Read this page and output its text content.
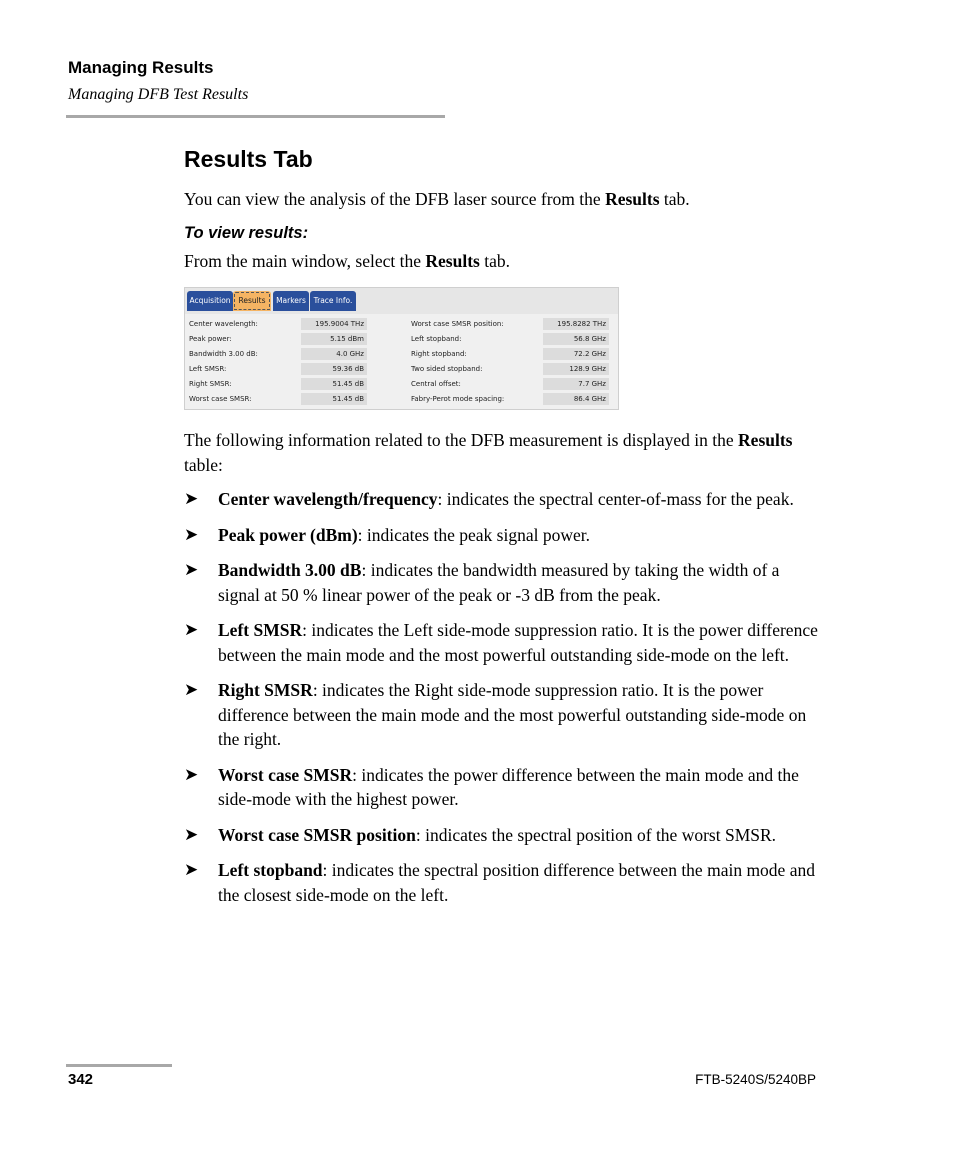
Managing Results
Managing DFB Test Results
Results Tab

You can view the analysis of the DFB laser source from the Results tab.

To view results:

From the main window, select the Results tab.

Acquisition	Results	Markers	Trace Info.
Center wavelength:	195.9004 THz
Peak power:	5.15 dBm
Bandwidth 3.00 dB:	4.0 GHz
Left SMSR:	59.36 dB
Right SMSR:	51.45 dB
Worst case SMSR:	51.45 dB
Worst case SMSR position:	195.8282 THz
Left stopband:	56.8 GHz
Right stopband:	72.2 GHz
Two sided stopband:	128.9 GHz
Central offset:	7.7 GHz
Fabry-Perot mode spacing:	86.4 GHz

The following information related to the DFB measurement is displayed in the Results table:

➤ Center wavelength/frequency: indicates the spectral center-of-mass for the peak.
➤ Peak power (dBm): indicates the peak signal power.
➤ Bandwidth 3.00 dB: indicates the bandwidth measured by taking the width of a signal at 50 % linear power of the peak or -3 dB from the peak.
➤ Left SMSR: indicates the Left side-mode suppression ratio. It is the power difference between the main mode and the most powerful outstanding side-mode on the left.
➤ Right SMSR: indicates the Right side-mode suppression ratio. It is the power difference between the main mode and the most powerful outstanding side-mode on the right.
➤ Worst case SMSR: indicates the power difference between the main mode and the side-mode with the highest power.
➤ Worst case SMSR position: indicates the spectral position of the worst SMSR.
➤ Left stopband: indicates the spectral position difference between the main mode and the closest side-mode on the left.
342	FTB-5240S/5240BP
